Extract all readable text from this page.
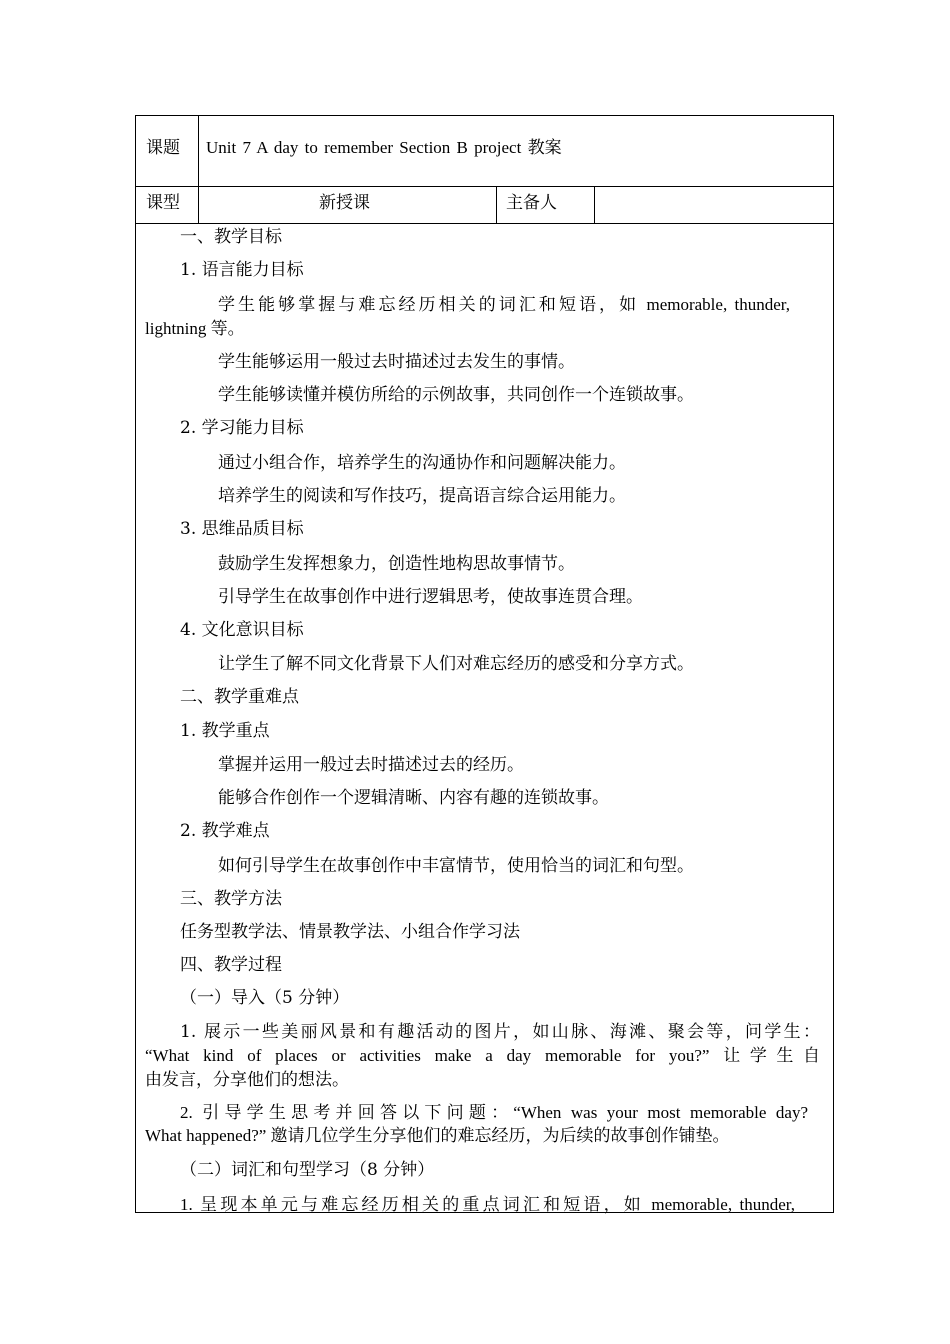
课题 Unit 7 A day to remember Section B project 教案
课型	新授课	主备人
一、教学目标
1. 语言能力目标
学生能够掌握与难忘经历相关的词汇和短语，如 memorable, thunder,
lightning 等。
学生能够运用一般过去时描述过去发生的事情。
学生能够读懂并模仿所给的示例故事，共同创作一个连锁故事。
2. 学习能力目标
通过小组合作，培养学生的沟通协作和问题解决能力。
培养学生的阅读和写作技巧，提高语言综合运用能力。
3. 思维品质目标
鼓励学生发挥想象力，创造性地构思故事情节。
引导学生在故事创作中进行逻辑思考，使故事连贯合理。
4. 文化意识目标
让学生了解不同文化背景下人们对难忘经历的感受和分享方式。
二、教学重难点
1. 教学重点
掌握并运用一般过去时描述过去的经历。
能够合作创作一个逻辑清晰、内容有趣的连锁故事。
2. 教学难点
如何引导学生在故事创作中丰富情节，使用恰当的词汇和句型。
三、教学方法
任务型教学法、情景教学法、小组合作学习法
四、教学过程
（一）导入（5 分钟）
1. 展示一些美丽风景和有趣活动的图片，如山脉、海滩、聚会等，问学生：
“What kind of places or activities make a day memorable for you?” 让学生自
由发言，分享他们的想法。
2. 引导学生思考并回答以下问题：“When was your most memorable day?
What happened?” 邀请几位学生分享他们的难忘经历，为后续的故事创作铺垫。
（二）词汇和句型学习（8 分钟）
1. 呈现本单元与难忘经历相关的重点词汇和短语，如 memorable, thunder,
